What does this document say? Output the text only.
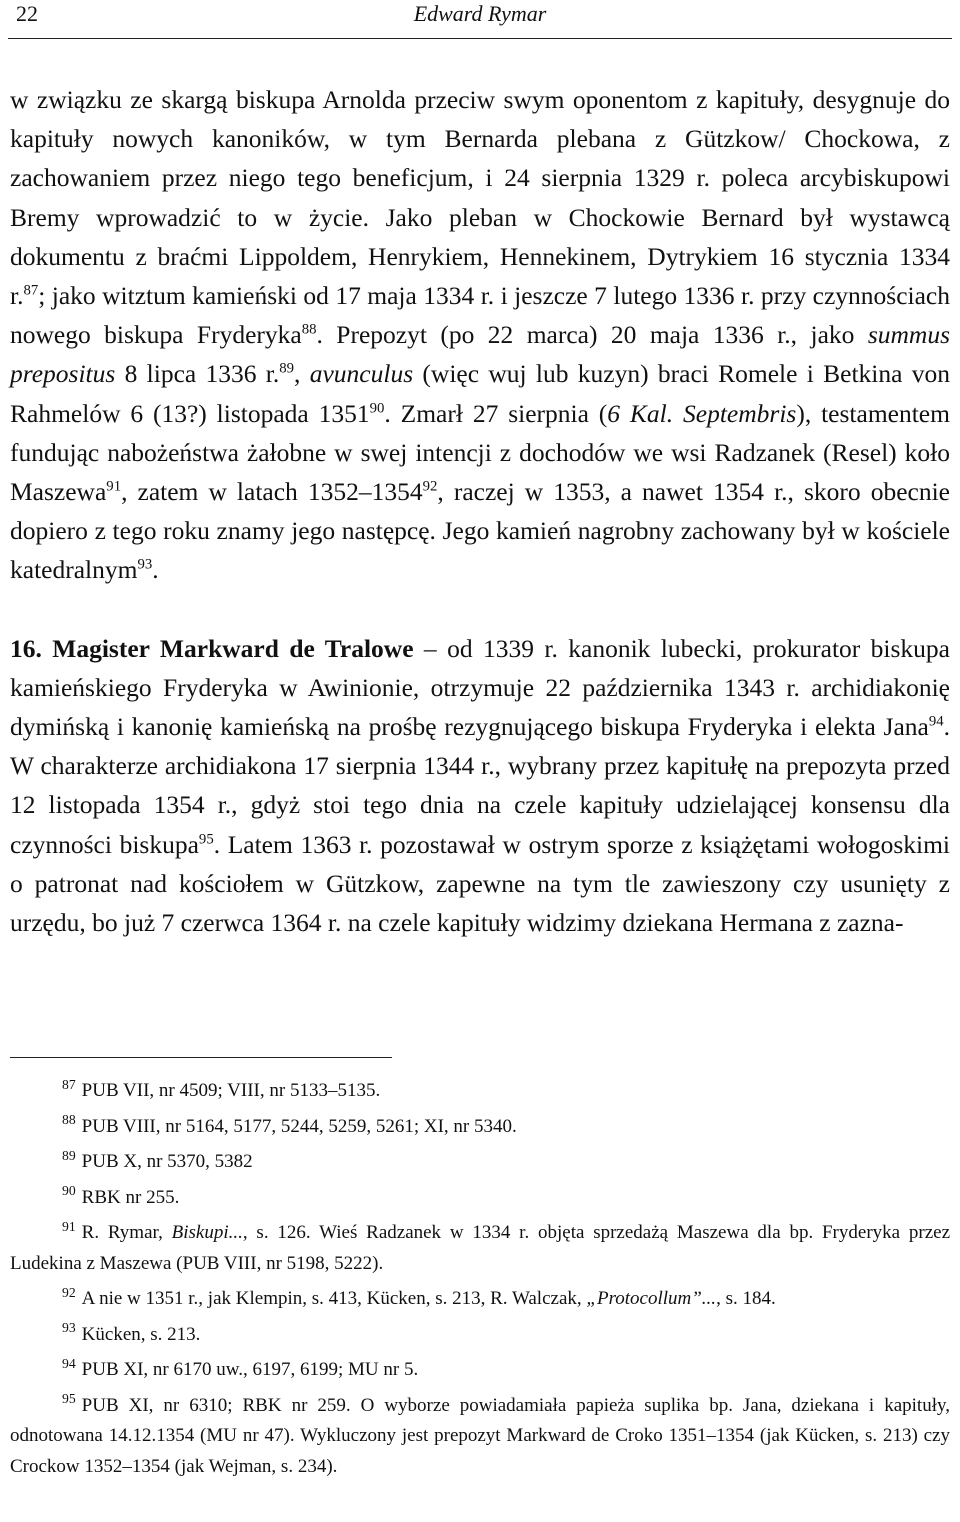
Edward Rymar
22

w związku ze skargą biskupa Arnolda przeciw swym oponentom z kapituły, desygnuje do kapituły nowych kanoników, w tym Bernarda plebana z Gützkow/ Chockowa, z zachowaniem przez niego tego beneficjum, i 24 sierpnia 1329 r. poleca arcybiskupowi Bremy wprowadzić to w życie. Jako pleban w Chockowie Bernard był wystawcą dokumentu z braćmi Lippoldem, Henrykiem, Hennekinem, Dytrykiem 16 stycznia 1334 r.$^{87}$; jako witztum kamieński od 17 maja 1334 r. i jeszcze 7 lutego 1336 r. przy czynnościach nowego biskupa Fryderyka$^{88}$. Prepozyt (po 22 marca) 20 maja 1336 r., jako summus prepositus 8 lipca 1336 r.$^{89}$, avunculus (więc wuj lub kuzyn) braci Romele i Betkina von Rahmelów 6 (13?) listopada 1351$^{90}$. Zmarł 27 sierpnia (6 Kal. Septembris), testamentem fundując nabożeństwa żałobne w swej intencji z dochodów we wsi Radzanek (Resel) koło Maszewa$^{91}$, zatem w latach 1352–1354$^{92}$, raczej w 1353, a nawet 1354 r., skoro obecnie dopiero z tego roku znamy jego następcę. Jego kamień nagrobny zachowany był w kościele katedralnym$^{93}$.

16. Magister Markward de Tralowe – od 1339 r. kanonik lubecki, prokurator biskupa kamieńskiego Fryderyka w Awinionie, otrzymuje 22 października 1343 r. archidiakonię dymińską i kanonię kamieńską na prośbę rezygnującego biskupa Fryderyka i elekta Jana$^{94}$. W charakterze archidiakona 17 sierpnia 1344 r., wybrany przez kapitułę na prepozyta przed 12 listopada 1354 r., gdyż stoi tego dnia na czele kapituły udzielającej konsensu dla czynności biskupa$^{95}$. Latem 1363 r. pozostawał w ostrym sporze z książętami wołogoskimi o patronat nad kościołem w Gützkow, zapewne na tym tle zawieszony czy usunięty z urzędu, bo już 7 czerwca 1364 r. na czele kapituły widzimy dziekana Hermana z zazna-

$^{87}$ PUB VII, nr 4509; VIII, nr 5133–5135.

$^{88}$ PUB VIII, nr 5164, 5177, 5244, 5259, 5261; XI, nr 5340.

$^{89}$ PUB X, nr 5370, 5382

$^{90}$ RBK nr 255.

$^{91}$ R. Rymar, Biskupi..., s. 126. Wieś Radzanek w 1334 r. objęta sprzedażą Maszewa dla bp. Fryderyka przez Ludekina z Maszewa (PUB VIII, nr 5198, 5222).

$^{92}$ A nie w 1351 r., jak Klempin, s. 413, Kücken, s. 213, R. Walczak, „Protocollum”..., s. 184.

$^{93}$ Kücken, s. 213.

$^{94}$ PUB XI, nr 6170 uw., 6197, 6199; MU nr 5.

$^{95}$ PUB XI, nr 6310; RBK nr 259. O wyborze powiadamiała papieża suplika bp. Jana, dziekana i kapituły, odnotowana 14.12.1354 (MU nr 47). Wykluczony jest prepozyt Markward de Croko 1351–1354 (jak Kücken, s. 213) czy Crockow 1352–1354 (jak Wejman, s. 234).
